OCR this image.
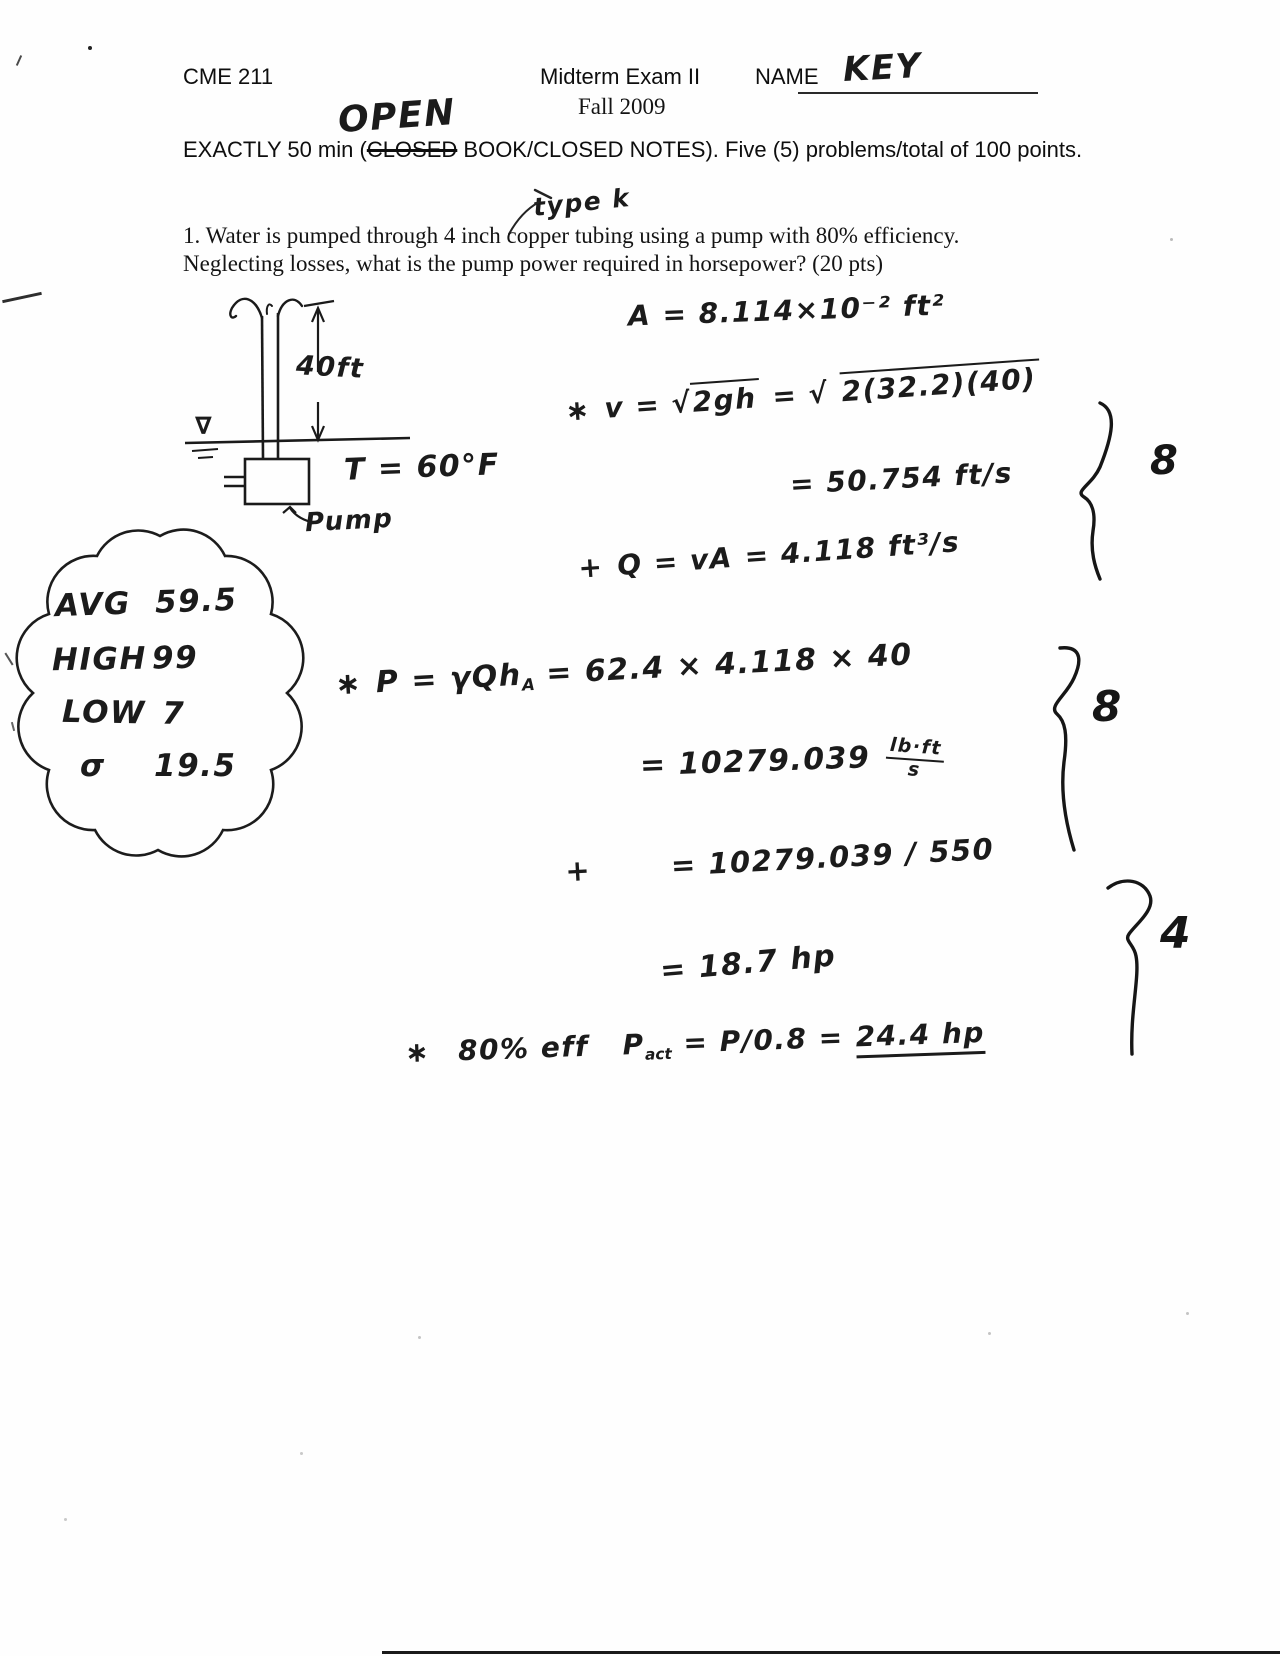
CME 211	Midterm Exam II
Fall 2009
NAME KEY
OPEN
EXACTLY 50 min (CLOSED BOOK/CLOSED NOTES). Five (5) problems/total of 100 points.
type k
1. Water is pumped through 4 inch copper tubing using a pump with 80% efficiency.
Neglecting losses, what is the pump power required in horsepower? (20 pts)
∇
40ft
T = 60°F
Pump
AVG 59.5
HIGH 99
LOW 7
σ 19.5
A = 8.114×10⁻² ft²
∗ v = √2gh = √ 2(32.2)(40)
= 50.754 ft/s
+ Q = vA = 4.118 ft³/s
8
∗ P = γQh$_A$ = 62.4 × 4.118 × 40
= $10279.039 \frac{lb\cdot ft}{s}$
8
+	= 10279.039 / 550
= 18.7 hp
4
∗ 80% eff $P_{act} = P/0.8 = 24.4$ hp
